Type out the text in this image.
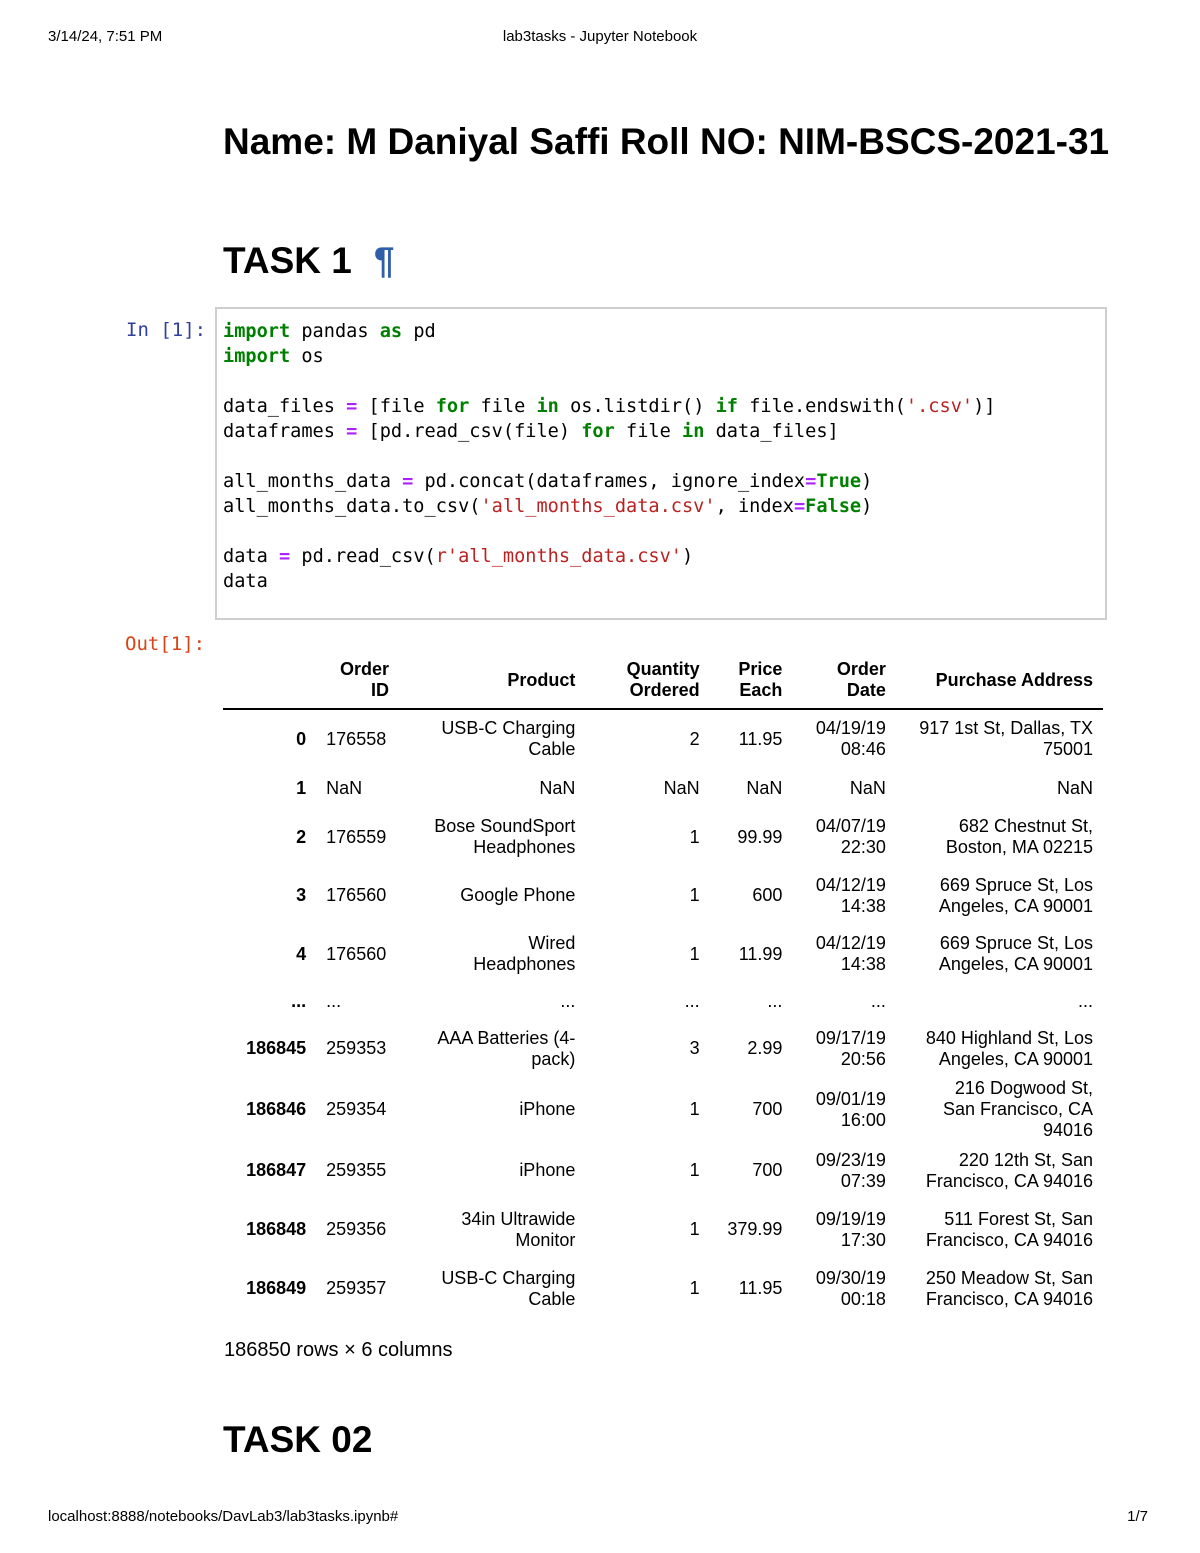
3/14/24, 7:51 PM	lab3tasks - Jupyter Notebook
Name: M Daniyal Saffi Roll NO: NIM-BSCS-2021-31
TASK 1 ¶
In [1]: import pandas as pd
import os

data_files = [file for file in os.listdir() if file.endswith('.csv')]
dataframes = [pd.read_csv(file) for file in data_files]

all_months_data = pd.concat(dataframes, ignore_index=True)
all_months_data.to_csv('all_months_data.csv', index=False)

data = pd.read_csv(r'all_months_data.csv')
data
Out[1]:
	Order ID	Product	Quantity Ordered	Price Each	Order Date	Purchase Address
0	176558	USB-C Charging Cable	2	11.95	04/19/19 08:46	917 1st St, Dallas, TX 75001
1	NaN	NaN	NaN	NaN	NaN	NaN
2	176559	Bose SoundSport Headphones	1	99.99	04/07/19 22:30	682 Chestnut St, Boston, MA 02215
3	176560	Google Phone	1	600	04/12/19 14:38	669 Spruce St, Los Angeles, CA 90001
4	176560	Wired Headphones	1	11.99	04/12/19 14:38	669 Spruce St, Los Angeles, CA 90001
...	...	...	...	...	...	...
186845	259353	AAA Batteries (4-pack)	3	2.99	09/17/19 20:56	840 Highland St, Los Angeles, CA 90001
186846	259354	iPhone	1	700	09/01/19 16:00	216 Dogwood St, San Francisco, CA 94016
186847	259355	iPhone	1	700	09/23/19 07:39	220 12th St, San Francisco, CA 94016
186848	259356	34in Ultrawide Monitor	1	379.99	09/19/19 17:30	511 Forest St, San Francisco, CA 94016
186849	259357	USB-C Charging Cable	1	11.95	09/30/19 00:18	250 Meadow St, San Francisco, CA 94016
186850 rows × 6 columns
TASK 02
localhost:8888/notebooks/DavLab3/lab3tasks.ipynb#	1/7
